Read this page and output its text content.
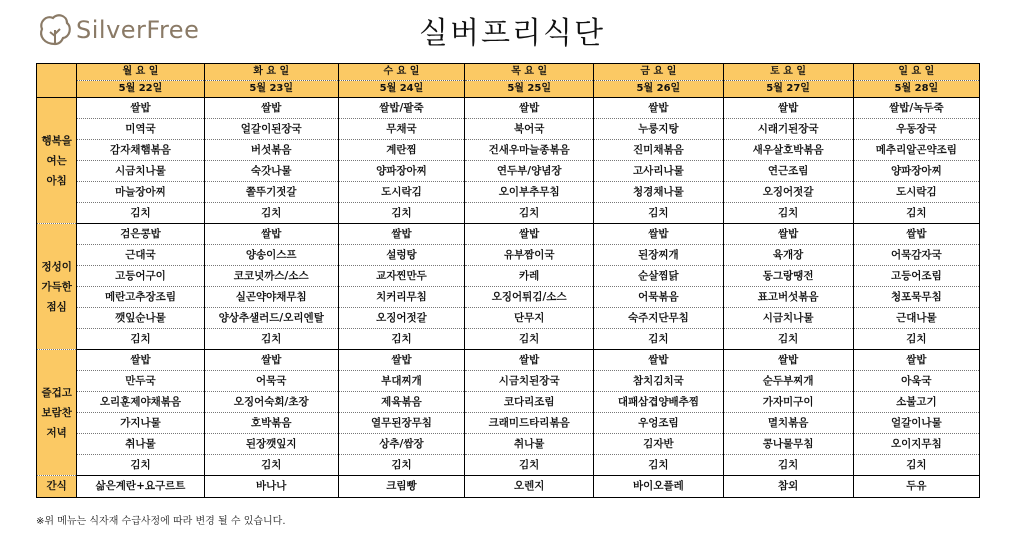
SilverFree	실버프리식단
	월 요 일	화 요 일	수 요 일	목 요 일	금 요 일	토 요 일	일 요 일
	5월 22일	5월 23일	5월 24일	5월 25일	5월 26일	5월 27일	5월 28일

행복을
여는
아침	쌀밥	쌀밥	쌀밥/팥죽	쌀밥	쌀밥	쌀밥	쌀밥/녹두죽
	미역국	얼갈이된장국	무채국	북어국	누룽지탕	시래기된장국	우동장국
	감자채햄볶음	버섯볶음	계란찜	건새우마늘종볶음	진미채볶음	새우살호박볶음	메추리알곤약조림
	시금치나물	숙갓나물	양파장아찌	연두부/양념장	고사리나물	연근조림	양파장아찌
	마늘장아찌	쫄뚜기젓갈	도시락김	오이부추무침	청경채나물	오징어젓갈	도시락김
	김치	김치	김치	김치	김치	김치	김치

정성이
가득한
점심	검은콩밥	쌀밥	쌀밥	쌀밥	쌀밥	쌀밥	쌀밥
	근대국	양송이스프	설렁탕	유부짬이국	된장찌개	육개장	어묵감자국
	고등어구이	코코넛까스/소스	교자찐만두	카레	순살찜닭	동그랑땡전	고등어조림
	메란고추장조림	실곤약야채무침	치커리무침	오징어튀김/소스	어묵볶음	표고버섯볶음	청포묵무침
	깻잎순나물	양상추샐러드/오리엔탈	오징어젓갈	단무지	숙주지단무침	시금치나물	근대나물
	김치	김치	김치	김치	김치	김치	김치

즐겁고
보람찬
저녁	쌀밥	쌀밥	쌀밥	쌀밥	쌀밥	쌀밥	쌀밥
	만두국	어묵국	부대찌개	시금치된장국	참치김치국	순두부찌개	아욱국
	오리훈제야채볶음	오징어숙회/초장	제육볶음	코다리조림	대패삼겹양배추찜	가자미구이	소불고기
	가지나물	호박볶음	열무된장무침	크래미드타리볶음	우엉조림	멸치볶음	얼갈이나물
	취나물	된장깻잎지	상추/쌈장	취나물	김자반	콩나물무침	오이지무침
	김치	김치	김치	김치	김치	김치	김치
간식	삶은계란+요구르트	바나나	크림빵	오렌지	바이오플레	참외	두유
※위 메뉴는 식자재 수급사정에 따라 변경 될 수 있습니다.
